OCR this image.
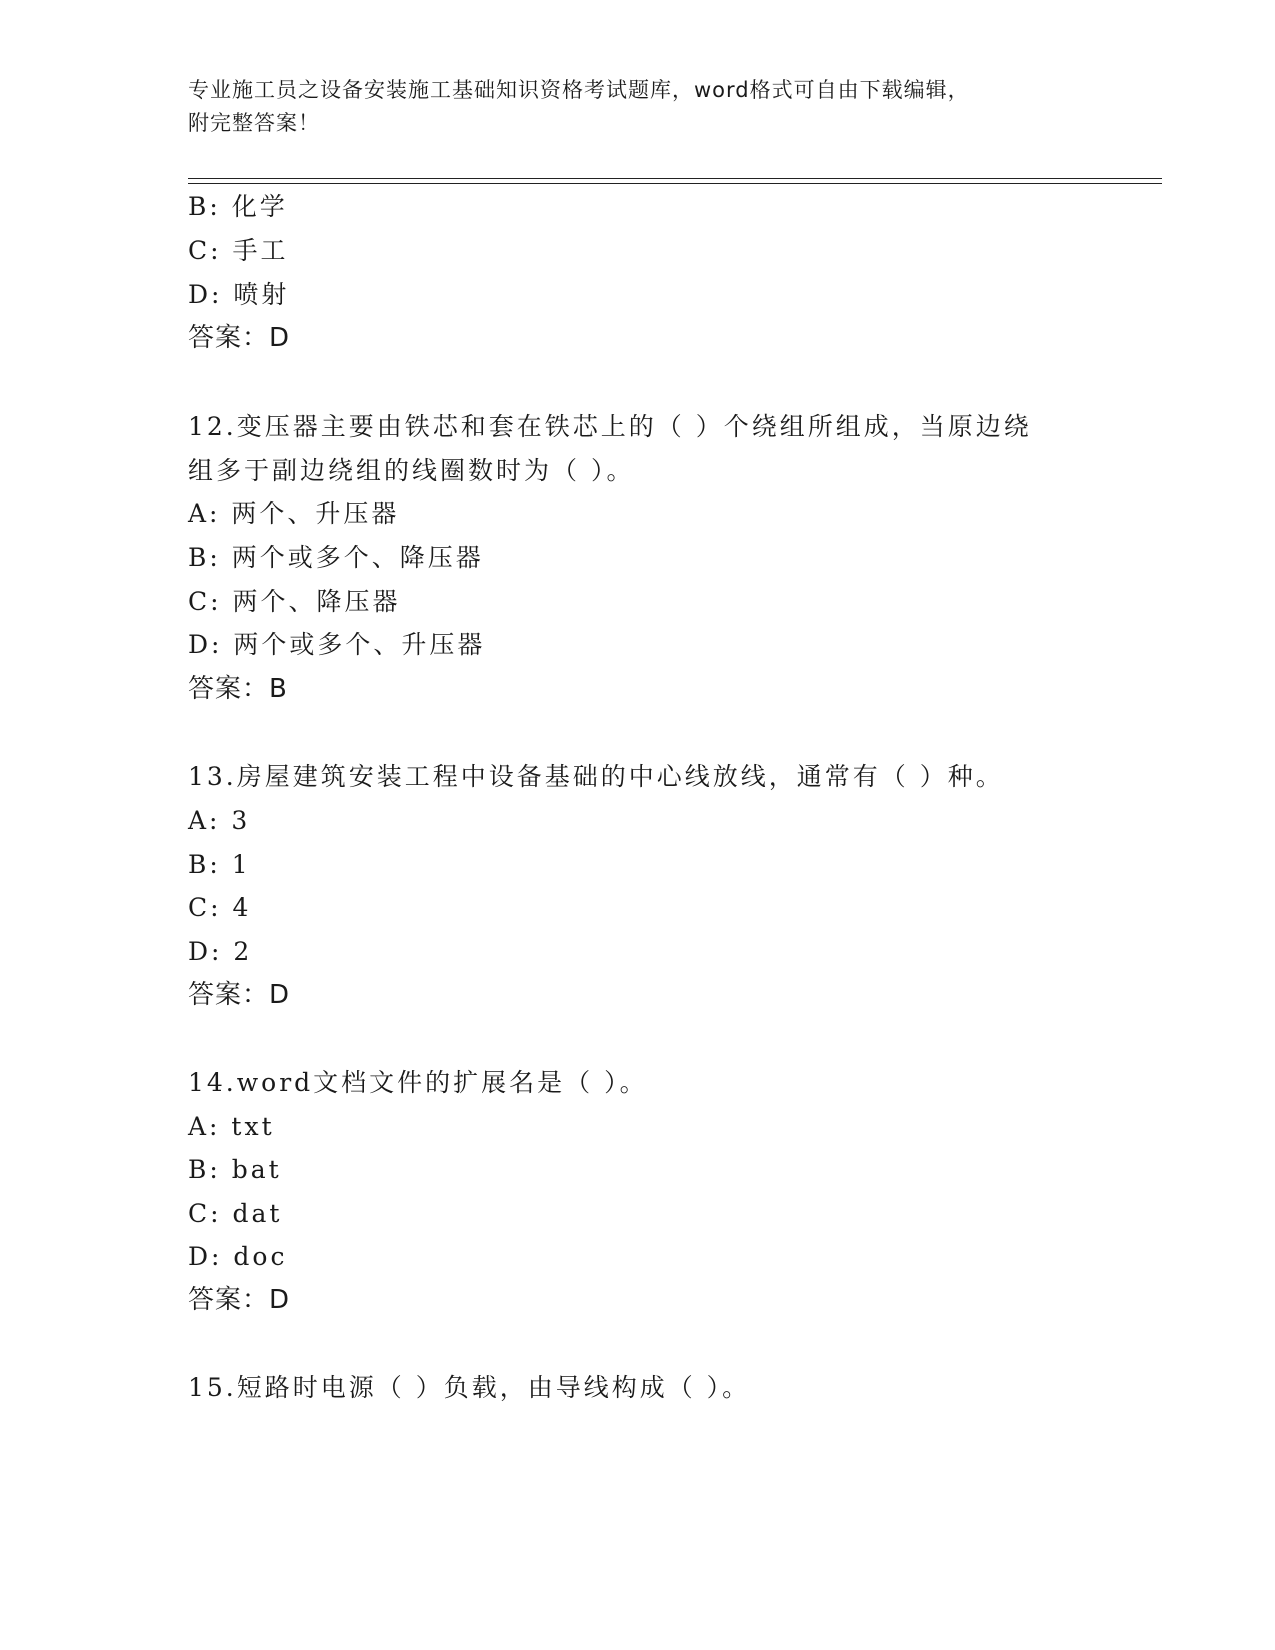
专业施工员之设备安装施工基础知识资格考试题库，word格式可自由下载编辑，
附完整答案！
B: 化学
C: 手工
D: 喷射
答案：D
12.变压器主要由铁芯和套在铁芯上的（ ）个绕组所组成，当原边绕
组多于副边绕组的线圈数时为（ ）。
A: 两个、升压器
B: 两个或多个、降压器
C: 两个、降压器
D: 两个或多个、升压器
答案：B
13.房屋建筑安装工程中设备基础的中心线放线，通常有（ ）种。
A: 3
B: 1
C: 4
D: 2
答案：D
14.word文档文件的扩展名是（ ）。
A: txt
B: bat
C: dat
D: doc
答案：D
15.短路时电源（ ）负载，由导线构成（ ）。
